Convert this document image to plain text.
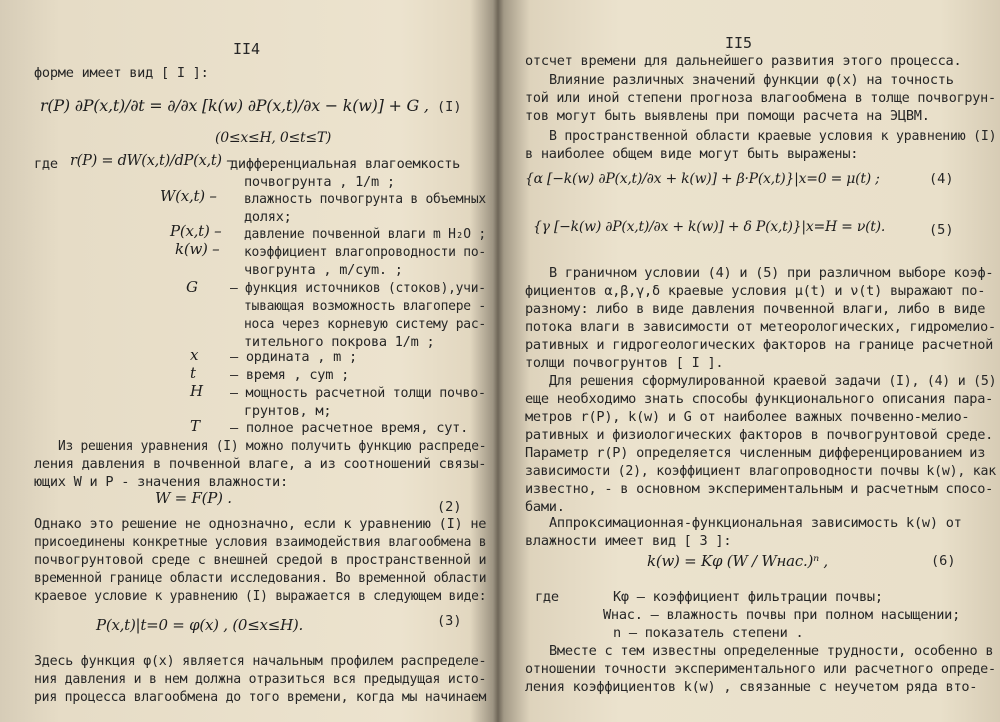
II4
форме имеет вид [ I ]:
r(P) ∂P(x,t)/∂t = ∂/∂x [k(w) ∂P(x,t)/∂x − k(w)] + G , (I)
(0≤x≤H, 0≤t≤T)
где r(P) = dW(x,t)/dP(x,t) –
дифференциальная влагоемкость
почвогрунта , 1/m ;
W(x,t) – влажность почвогрунта в объемных
долях;
P(x,t) – давление почвенной влаги m H₂O ;
k(w) – коэффициент влагопроводности по-
чвогрунта , m/cym. ;
G – функция источников (стоков),учи-
тывающая возможность влагопере -
носа через корневую систему рас-
тительного покрова 1/m ;
x – ордината , m ;
t	– время , cym ;
H – мощность расчетной толщи почво-
грунтов, м;
T – полное расчетное время, сут.
Из решения уравнения (I) можно получить функцию распреде-
ления давления в почвенной влаге, а из соотношений связы-
ющих W и P - значения влажности:
W = F(P) .	(2)
Однако это решение не однозначно, если к уравнению (I) не
присоединены конкретные условия взаимодействия влагообмена в
почвогрунтовой среде с внешней средой в пространственной и
временной границе области исследования. Во временной области
краевое условие к уравнению (I) выражается в следующем виде:
P(x,t)|t=0 = φ(x) , (0≤x≤H).	(3)
Здесь функция φ(x) является начальным профилем распределе-
ния давления и в нем должна отразиться вся предыдущая исто-
рия процесса влагообмена до того времени, когда мы начинаем
II5
отсчет времени для дальнейшего развития этого процесса.
Влияние различных значений функции φ(x) на точность
той или иной степени прогноза влагообмена в толще почвогрун-
тов могут быть выявлены при помощи расчета на ЭЦВМ.
В пространственной области краевые условия к уравнению (I)
в наиболее общем виде могут быть выражены:
{α [−k(w) ∂P(x,t)/∂x + k(w)] + β·P(x,t)}|x=0 = μ(t) ;	(4)
{γ [−k(w) ∂P(x,t)/∂x + k(w)] + δ P(x,t)}|x=H = ν(t).	(5)
В граничном условии (4) и (5) при различном выборе коэф-
фициентов α,β,γ,δ краевые условия μ(t) и ν(t) выражают по-
разному: либо в виде давления почвенной влаги, либо в виде
потока влаги в зависимости от метеорологических, гидромелио-
ративных и гидрогеологических факторов на границе расчетной
толщи почвогрунтов [ I ].
Для решения сформулированной краевой задачи (I), (4) и (5)
еще необходимо знать способы функционального описания пара-
метров r(P), k(w) и G от наиболее важных почвенно-мелио-
ративных и физиологических факторов в почвогрунтовой среде.
Параметр r(P) определяется численным дифференцированием из
зависимости (2), коэффициент влагопроводности почвы k(w), как
известно, - в основном экспериментальным и расчетным спосо-
бами.
Аппроксимационная-функциональная зависимость k(w) от
влажности имеет вид [ 3 ]:
k(w) = Kφ (W / Wнас.)ⁿ ,	(6)
где	Kφ – коэффициент фильтрации почвы;
Wнас. – влажность почвы при полном насыщении;
n – показатель степени .
Вместе с тем известны определенные трудности, особенно в
отношении точности экспериментального или расчетного опреде-
ления коэффициентов k(w) , связанные с неучетом ряда вто-
